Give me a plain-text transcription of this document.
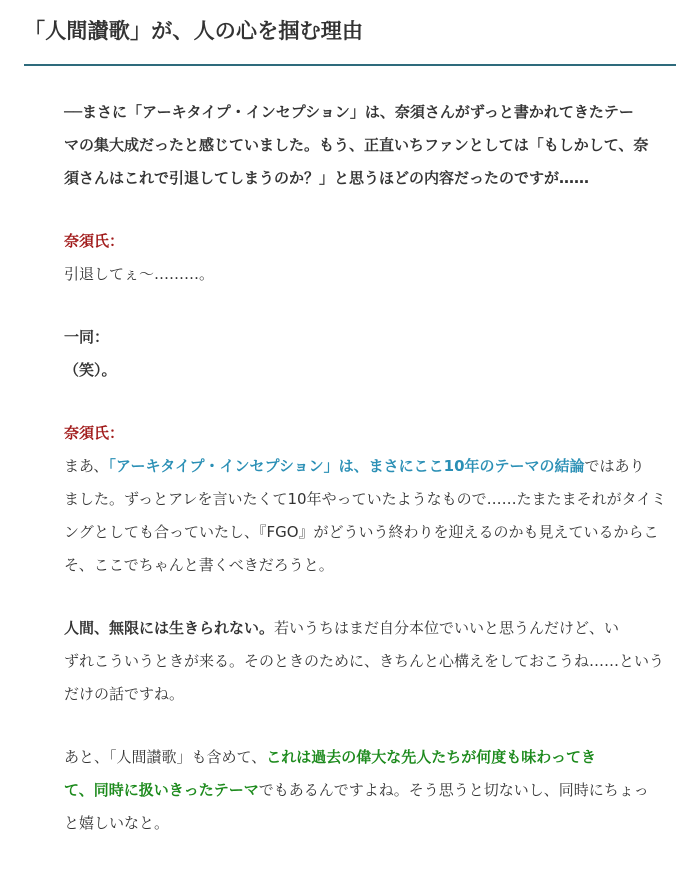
「人間讃歌」が、人の心を掴む理由
──まさに「アーキタイプ・インセプション」は、奈須さんがずっと書かれてきたテー
マの集大成だったと感じていました。もう、正直いちファンとしては「もしかして、奈
須さんはこれで引退してしまうのか？」と思うほどの内容だったのですが……
奈須氏：
引退してぇ〜………。
一同：
（笑）。
奈須氏：
まあ、「アーキタイプ・インセプション」は、まさにここ10年のテーマの結論ではあり
ました。ずっとアレを言いたくて10年やっていたようなもので……たまたまそれがタイミ
ングとしても合っていたし、『FGO』がどういう終わりを迎えるのかも見えているからこ
そ、ここでちゃんと書くべきだろうと。
人間、無限には生きられない。若いうちはまだ自分本位でいいと思うんだけど、い
ずれこういうときが来る。そのときのために、きちんと心構えをしておこうね……という
だけの話ですね。
あと、「人間讃歌」も含めて、これは過去の偉大な先人たちが何度も味わってき
て、同時に扱いきったテーマでもあるんですよね。そう思うと切ないし、同時にちょっ
と嬉しいなと。
